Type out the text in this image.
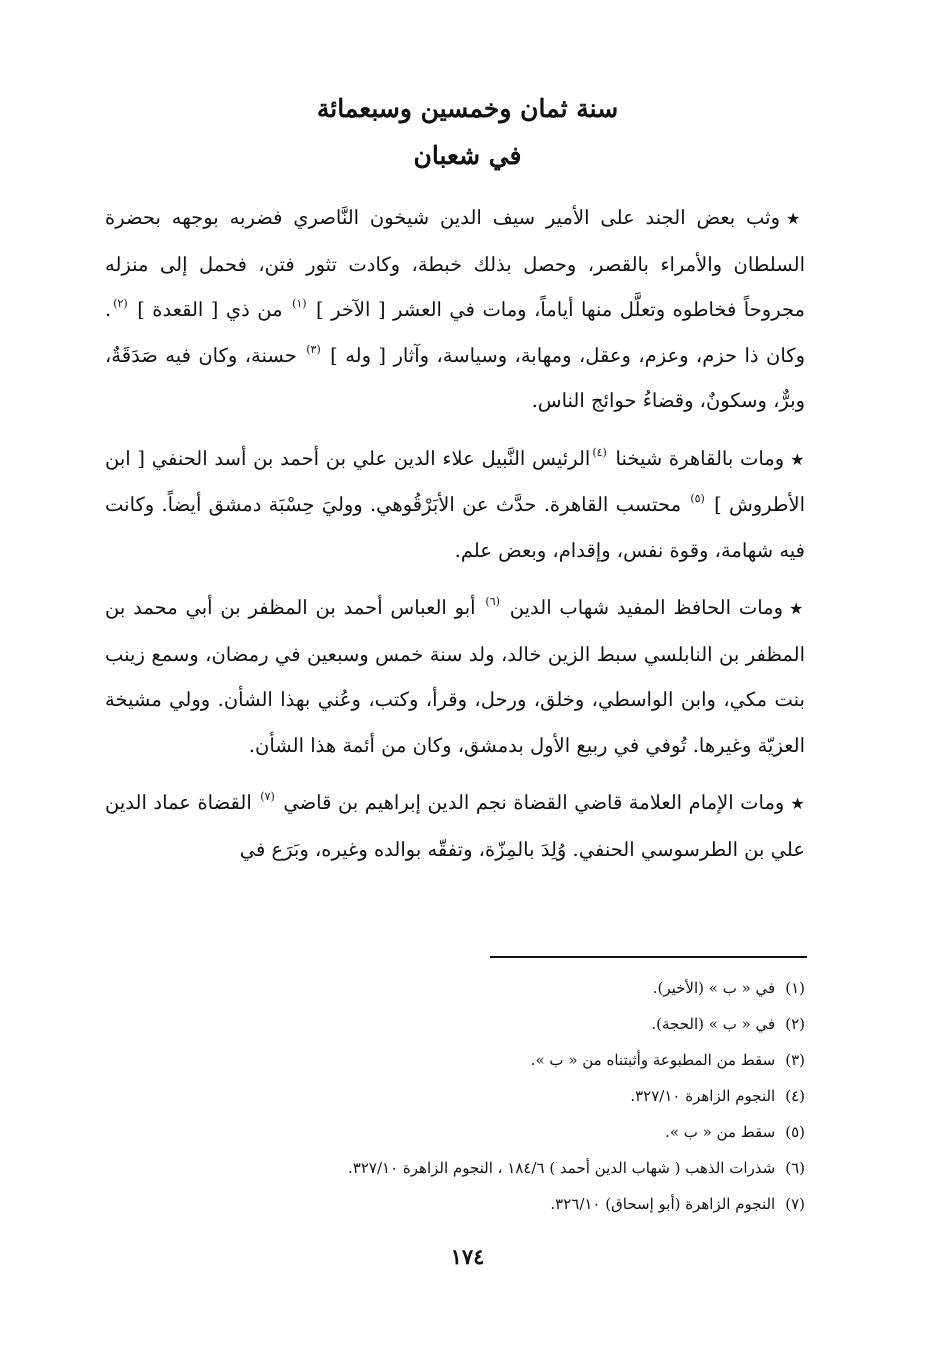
سنة ثمان وخمسين وسبعمائة
في شعبان

★وثب بعض الجند على الأمير سيف الدين شيخون النَّاصري فضربه بوجهه بحضرة السلطان والأمراء بالقصر، وحصل بذلك خبطة، وكادت تثور فتن، فحمل إلى منزله مجروحاً فخاطوه وتعلَّل منها أياماً، ومات في العشر [ الآخر ] $^{(١)}$ من ذي [ القعدة ] $^{(٢)}$. وكان ذا حزم، وعزم، وعقل، ومهابة، وسياسة، وآثار [ وله ] $^{(٣)}$ حسنة، وكان فيه صَدَقَةٌ، وبرٌّ، وسكونٌ، وقضاءُ حوائج الناس.

★ومات بالقاهرة شيخنا $^{(٤)}$الرئيس النَّبيل علاء الدين علي بن أحمد بن أسد الحنفي [ ابن الأطروش ] $^{(٥)}$ محتسب القاهرة. حدَّث عن الأبَرْقُوهي. ووليَ حِسْبَة دمشق أيضاً. وكانت فيه شهامة، وقوة نفس، وإقدام، وبعض علم.

★ومات الحافظ المفيد شهاب الدين $^{(٦)}$ أبو العباس أحمد بن المظفر بن أبي محمد بن المظفر بن النابلسي سبط الزين خالد، ولد سنة خمس وسبعين في رمضان، وسمع زينب بنت مكي، وابن الواسطي، وخلق، ورحل، وقرأ، وكتب، وعُني بهذا الشأن. وولي مشيخة العزيّة وغيرها. تُوفي في ربيع الأول بدمشق، وكان من أئمة هذا الشأن.

★ومات الإمام العلامة قاضي القضاة نجم الدين إبراهيم بن قاضي $^{(٧)}$ القضاة عماد الدين علي بن الطرسوسي الحنفي. وُلِدَ بالمِزّة، وتفقّه بوالده وغيره، وبَرَع في

(١)في « ب » (الأخير).
(٢)في « ب » (الحجة).
(٣)سقط من المطبوعة وأثبتناه من « ب ».
(٤)النجوم الزاهرة ٣٢٧/١٠.
(٥)سقط من « ب ».
(٦)شذرات الذهب ( شهاب الدين أحمد ) ١٨٤/٦ ، النجوم الزاهرة ٣٢٧/١٠.
(٧)النجوم الزاهرة (أبو إسحاق) ٣٢٦/١٠.
١٧٤
